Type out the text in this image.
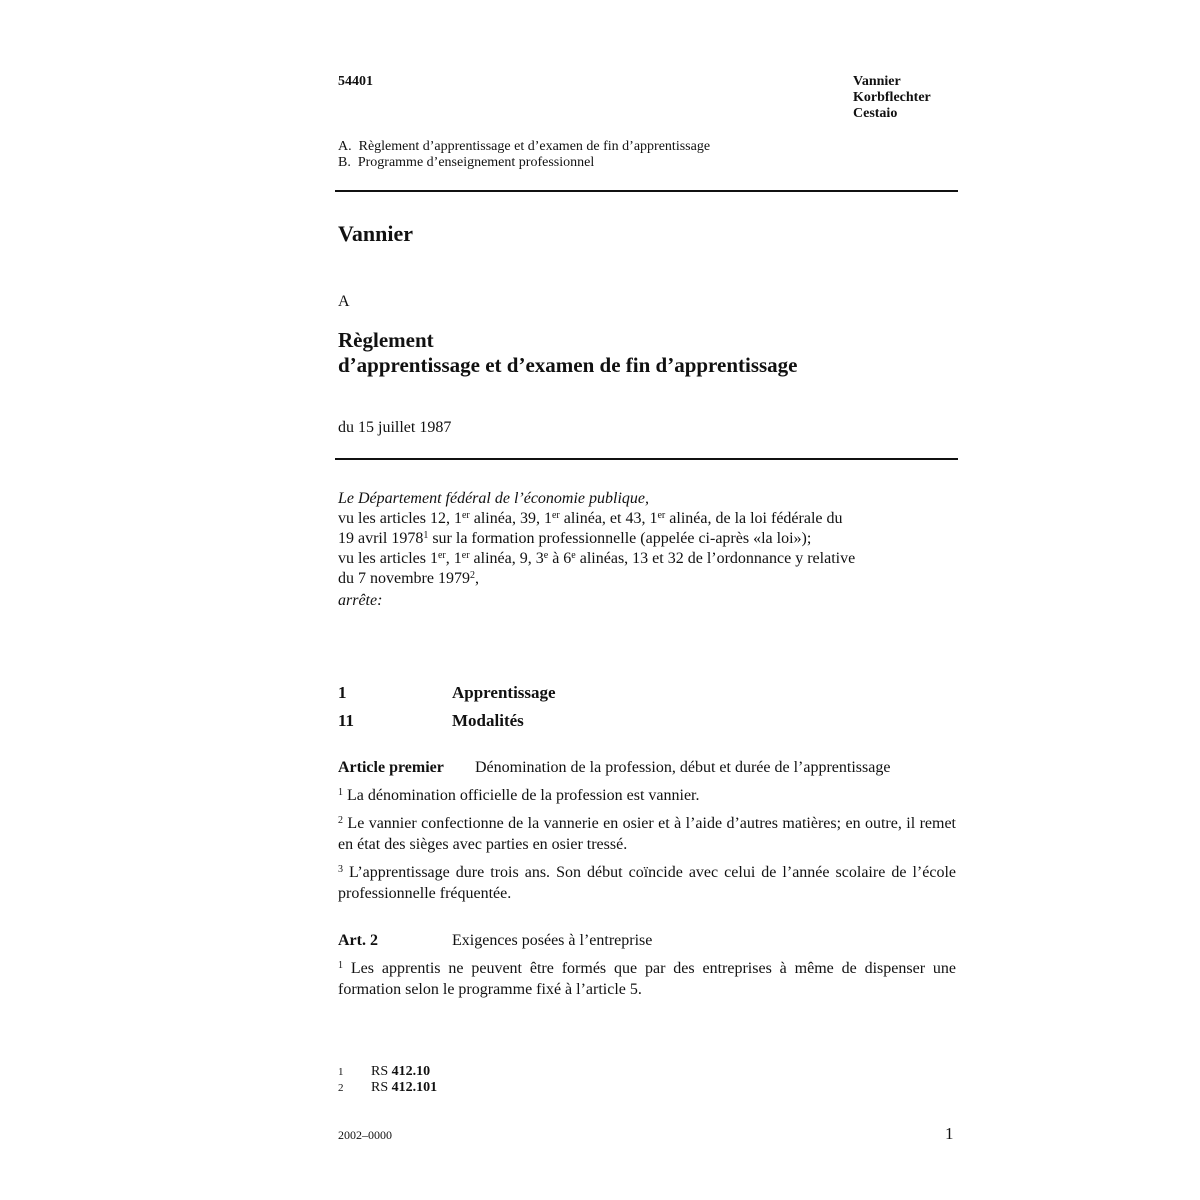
54401	Vannier
Korbflechter
Cestaio
A.  Règlement d’apprentissage et d’examen de fin d’apprentissage
B.  Programme d’enseignement professionnel
Vannier
A
Règlement
d’apprentissage et d’examen de fin d’apprentissage
du 15 juillet 1987
Le Département fédéral de l’économie publique,
vu les articles 12, 1er alinéa, 39, 1er alinéa, et 43, 1er alinéa, de la loi fédérale du
19 avril 1978$^1$ sur la formation professionnelle (appelée ci-après «la loi»);
vu les articles 1er, 1er alinéa, 9, 3e à 6e alinéas, 13 et 32 de l’ordonnance y relative
du 7 novembre 1979$^2$,
arrête:
1	Apprentissage
11	Modalités
Article premier	Dénomination de la profession, début et durée de l’apprentissage

$^1$ La dénomination officielle de la profession est vannier.

$^2$ Le vannier confectionne de la vannerie en osier et à l’aide d’autres matières; en outre, il remet en état des sièges avec parties en osier tressé.

$^3$ L’apprentissage dure trois ans. Son début coïncide avec celui de l’année scolaire de l’école professionnelle fréquentée.

Art. 2	Exigences posées à l’entreprise

$^1$ Les apprentis ne peuvent être formés que par des entreprises à même de dispenser une formation selon le programme fixé à l’article 5.

1	RS 412.10
2	RS 412.101
2002–0000	1
